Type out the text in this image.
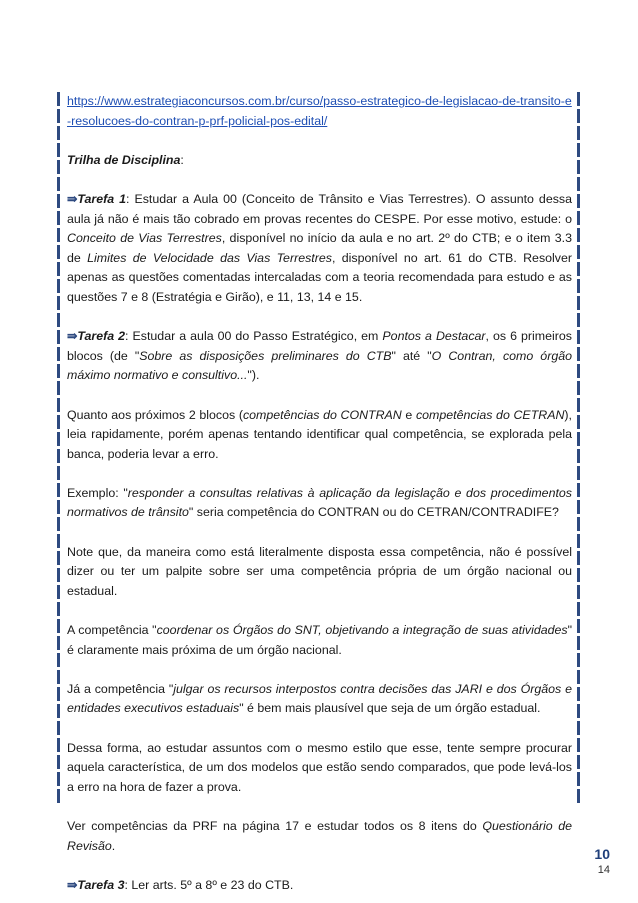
https://www.estrategiaconcursos.com.br/curso/passo-estrategico-de-legislacao-de-transito-e-resolucoes-do-contran-p-prf-policial-pos-edital/

Trilha de Disciplina:

⇛Tarefa 1: Estudar a Aula 00 (Conceito de Trânsito e Vias Terrestres). O assunto dessa aula já não é mais tão cobrado em provas recentes do CESPE. Por esse motivo, estude: o Conceito de Vias Terrestres, disponível no início da aula e no art. 2º do CTB; e o item 3.3 de Limites de Velocidade das Vias Terrestres, disponível no art. 61 do CTB. Resolver apenas as questões comentadas intercaladas com a teoria recomendada para estudo e as questões 7 e 8 (Estratégia e Girão), e 11, 13, 14 e 15.

⇛Tarefa 2: Estudar a aula 00 do Passo Estratégico, em Pontos a Destacar, os 6 primeiros blocos (de "Sobre as disposições preliminares do CTB" até "O Contran, como órgão máximo normativo e consultivo...").

Quanto aos próximos 2 blocos (competências do CONTRAN e competências do CETRAN), leia rapidamente, porém apenas tentando identificar qual competência, se explorada pela banca, poderia levar a erro.

Exemplo: "responder a consultas relativas à aplicação da legislação e dos procedimentos normativos de trânsito" seria competência do CONTRAN ou do CETRAN/CONTRADIFE?

Note que, da maneira como está literalmente disposta essa competência, não é possível dizer ou ter um palpite sobre ser uma competência própria de um órgão nacional ou estadual.

A competência "coordenar os Órgãos do SNT, objetivando a integração de suas atividades" é claramente mais próxima de um órgão nacional.

Já a competência "julgar os recursos interpostos contra decisões das JARI e dos Órgãos e entidades executivos estaduais" é bem mais plausível que seja de um órgão estadual.

Dessa forma, ao estudar assuntos com o mesmo estilo que esse, tente sempre procurar aquela característica, de um dos modelos que estão sendo comparados, que pode levá-los a erro na hora de fazer a prova.

Ver competências da PRF na página 17 e estudar todos os 8 itens do Questionário de Revisão.

⇛Tarefa 3: Ler arts. 5º a 8º e 23 do CTB.

10
14
